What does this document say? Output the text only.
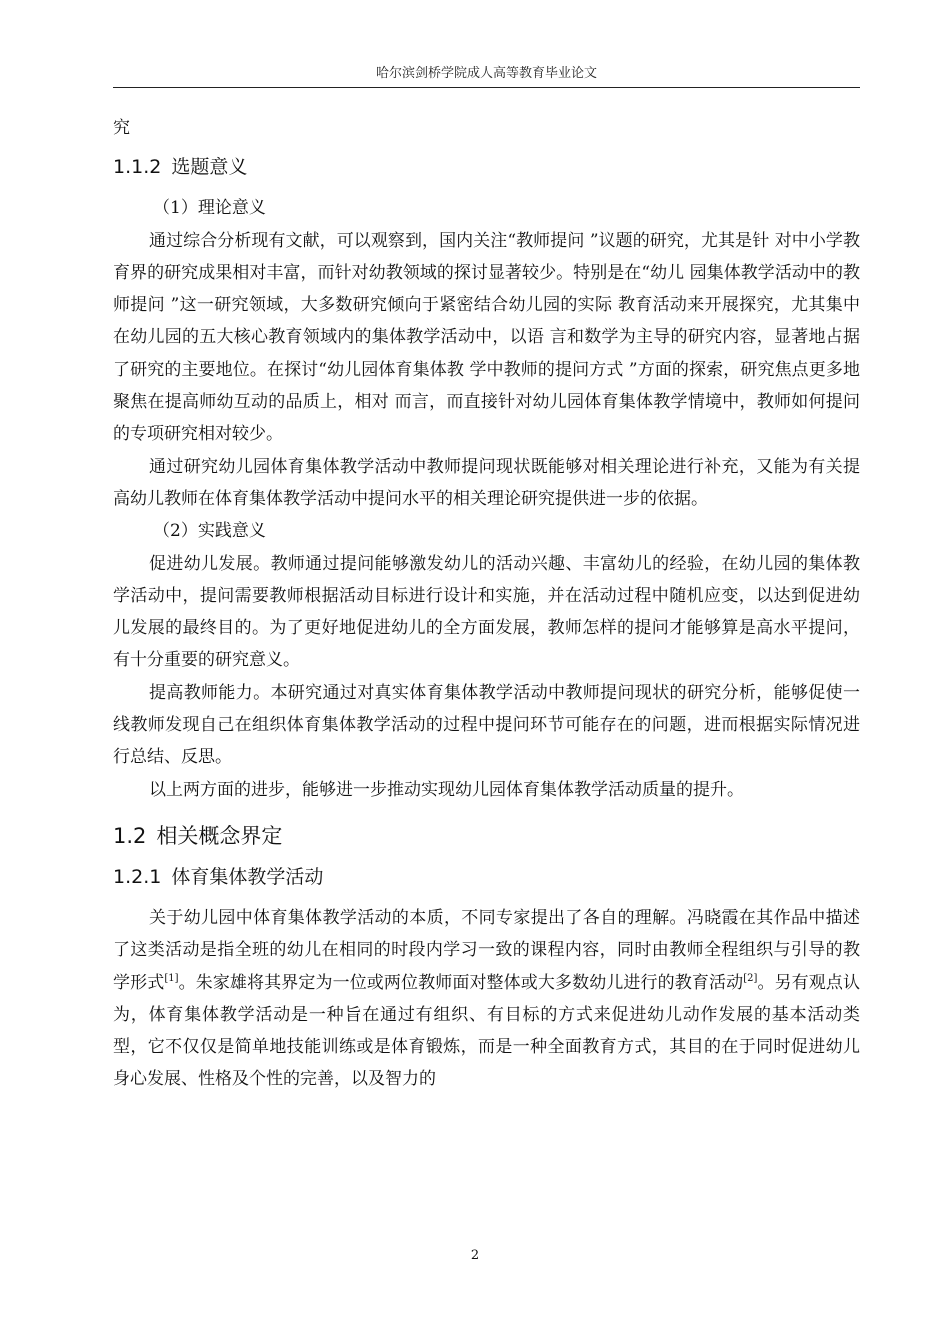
哈尔滨剑桥学院成人高等教育毕业论文

究

1.1.2 选题意义

（1）理论意义

通过综合分析现有文献，可以观察到，国内关注“教师提问 ”议题的研究，尤其是针 对中小学教育界的研究成果相对丰富，而针对幼教领域的探讨显著较少。特别是在“幼儿 园集体教学活动中的教师提问 ”这一研究领域，大多数研究倾向于紧密结合幼儿园的实际 教育活动来开展探究，尤其集中在幼儿园的五大核心教育领域内的集体教学活动中，以语 言和数学为主导的研究内容，显著地占据了研究的主要地位。在探讨“幼儿园体育集体教 学中教师的提问方式 ”方面的探索，研究焦点更多地聚焦在提高师幼互动的品质上，相对 而言，而直接针对幼儿园体育集体教学情境中，教师如何提问的专项研究相对较少。

通过研究幼儿园体育集体教学活动中教师提问现状既能够对相关理论进行补充，又能为有关提高幼儿教师在体育集体教学活动中提问水平的相关理论研究提供进一步的依据。

（2）实践意义

促进幼儿发展。教师通过提问能够激发幼儿的活动兴趣、丰富幼儿的经验，在幼儿园的集体教学活动中，提问需要教师根据活动目标进行设计和实施，并在活动过程中随机应变，以达到促进幼儿发展的最终目的。为了更好地促进幼儿的全方面发展，教师怎样的提问才能够算是高水平提问，有十分重要的研究意义。

提高教师能力。本研究通过对真实体育集体教学活动中教师提问现状的研究分析，能够促使一线教师发现自己在组织体育集体教学活动的过程中提问环节可能存在的问题，进而根据实际情况进行总结、反思。

以上两方面的进步，能够进一步推动实现幼儿园体育集体教学活动质量的提升。

1.2 相关概念界定
1.2.1 体育集体教学活动

关于幼儿园中体育集体教学活动的本质，不同专家提出了各自的理解。冯晓霞在其作品中描述了这类活动是指全班的幼儿在相同的时段内学习一致的课程内容，同时由教师全程组织与引导的教学形式[1]。朱家雄将其界定为一位或两位教师面对整体或大多数幼儿进行的教育活动[2]。另有观点认为，体育集体教学活动是一种旨在通过有组织、有目标的方式来促进幼儿动作发展的基本活动类型，它不仅仅是简单地技能训练或是体育锻炼，而是一种全面教育方式，其目的在于同时促进幼儿身心发展、性格及个性的完善，以及智力的

2
